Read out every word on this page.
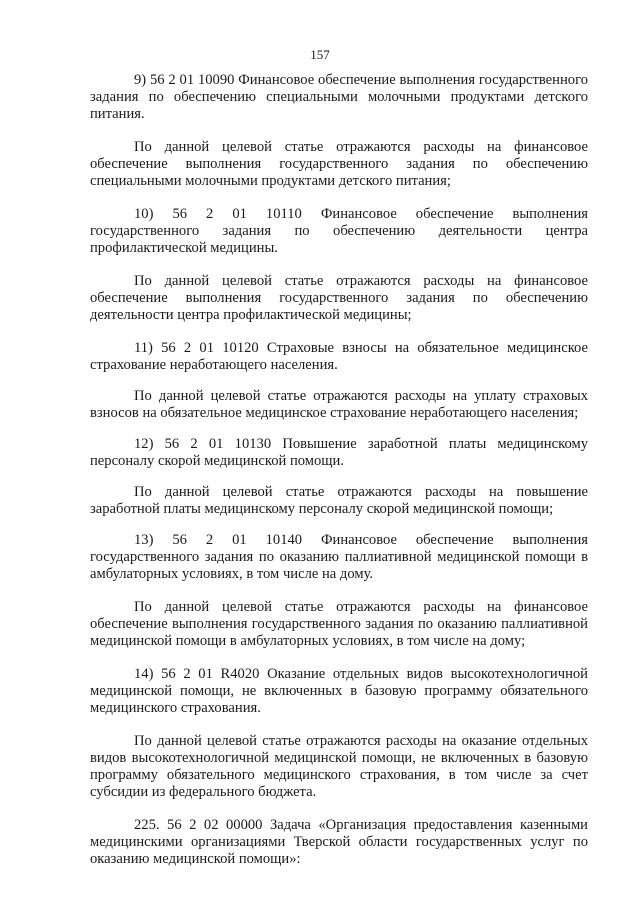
157

9) 56 2 01 10090 Финансовое обеспечение выполнения государственного задания по обеспечению специальными молочными продуктами детского питания.

По данной целевой статье отражаются расходы на финансовое обеспечение выполнения государственного задания по обеспечению специальными молочными продуктами детского питания;

10) 56 2 01 10110 Финансовое обеспечение выполнения государственного задания по обеспечению деятельности центра профилактической медицины.

По данной целевой статье отражаются расходы на финансовое обеспечение выполнения государственного задания по обеспечению деятельности центра профилактической медицины;

11) 56 2 01 10120 Страховые взносы на обязательное медицинское страхование неработающего населения.

По данной целевой статье отражаются расходы на уплату страховых взносов на обязательное медицинское страхование неработающего населения;

12) 56 2 01 10130 Повышение заработной платы медицинскому персоналу скорой медицинской помощи.

По данной целевой статье отражаются расходы на повышение заработной платы медицинскому персоналу скорой медицинской помощи;

13) 56 2 01 10140 Финансовое обеспечение выполнения государственного задания по оказанию паллиативной медицинской помощи в амбулаторных условиях, в том числе на дому.

По данной целевой статье отражаются расходы на финансовое обеспечение выполнения государственного задания по оказанию паллиативной медицинской помощи в амбулаторных условиях, в том числе на дому;

14) 56 2 01 R4020 Оказание отдельных видов высокотехнологичной медицинской помощи, не включенных в базовую программу обязательного медицинского страхования.

По данной целевой статье отражаются расходы на оказание отдельных видов высокотехнологичной медицинской помощи, не включенных в базовую программу обязательного медицинского страхования, в том числе за счет субсидии из федерального бюджета.

225. 56 2 02 00000 Задача «Организация предоставления казенными медицинскими организациями Тверской области государственных услуг по оказанию медицинской помощи»:
